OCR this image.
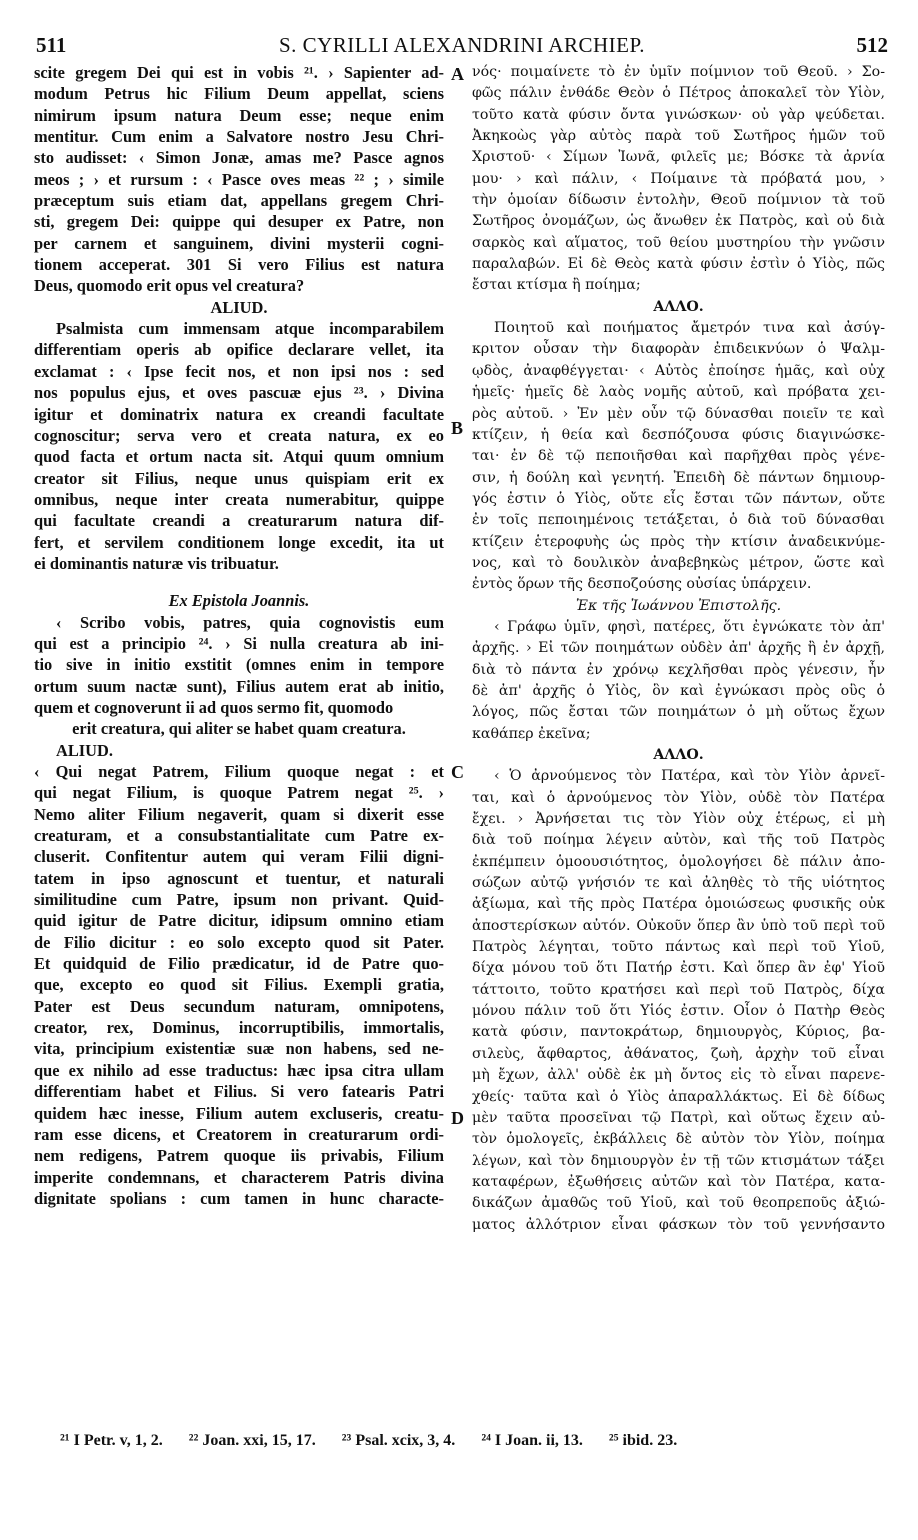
511	S. CYRILLI ALEXANDRINI ARCHIEP.	512
scite gregem Dei qui est in vobis ²¹. › Sapienter ad-
modum Petrus hic Filium Deum appellat, sciens
nimirum ipsum natura Deum esse; neque enim
mentitur. Cum enim a Salvatore nostro Jesu Chri-
sto audisset: ‹ Simon Jonæ, amas me? Pasce agnos
meos ; › et rursum : ‹ Pasce oves meas ²² ; › simile
præceptum suis etiam dat, appellans gregem Chri-
sti, gregem Dei: quippe qui desuper ex Patre, non
per carnem et sanguinem, divini mysterii cogni-
tionem acceperat. 301 Si vero Filius est natura
Deus, quomodo erit opus vel creatura?
ALIUD.
Psalmista cum immensam atque incomparabilem
differentiam operis ab opifice declarare vellet, ita
exclamat : ‹ Ipse fecit nos, et non ipsi nos : sed
nos populus ejus, et oves pascuæ ejus ²³. › Divina
igitur et dominatrix natura ex creandi facultate
cognoscitur; serva vero et creata natura, ex eo
quod facta et ortum nacta sit. Atqui quum omnium
creator sit Filius, neque unus quispiam erit ex
omnibus, neque inter creata numerabitur, quippe
qui facultate creandi a creaturarum natura dif-
fert, et servilem conditionem longe excedit, ita ut
ei dominantis naturæ vis tribuatur.
Ex Epistola Joannis.
‹ Scribo vobis, patres, quia cognovistis eum
qui est a principio ²⁴. › Si nulla creatura ab ini-
tio sive in initio exstitit (omnes enim in tempore
ortum suum nactæ sunt), Filius autem erat ab initio,
quem et cognoverunt ii ad quos sermo fit, quomodo
erit creatura, qui aliter se habet quam creatura.
ALIUD.
‹ Qui negat Patrem, Filium quoque negat : et
qui negat Filium, is quoque Patrem negat ²⁵. ›
Nemo aliter Filium negaverit, quam si dixerit esse
creaturam, et a consubstantialitate cum Patre ex-
cluserit. Confitentur autem qui veram Filii digni-
tatem in ipso agnoscunt et tuentur, et naturali
similitudine cum Patre, ipsum non privant. Quid-
quid igitur de Patre dicitur, idipsum omnino etiam
de Filio dicitur : eo solo excepto quod sit Pater.
Et quidquid de Filio prædicatur, id de Patre quo-
que, excepto eo quod sit Filius. Exempli gratia,
Pater est Deus secundum naturam, omnipotens,
creator, rex, Dominus, incorruptibilis, immortalis,
vita, principium existentiæ suæ non habens, sed ne-
que ex nihilo ad esse traductus: hæc ipsa citra ullam
differentiam habet et Filius. Si vero fatearis Patri
quidem hæc inesse, Filium autem excluseris, creatu-
ram esse dicens, et Creatorem in creaturarum ordi-
nem redigens, Patrem quoque iis privabis, Filium
imperite condemnans, et characterem Patris divina
dignitate spolians : cum tamen in hunc characte-
νός· ποιμαίνετε τὸ ἐν ὑμῖν ποίμνιον τοῦ Θεοῦ. › Σο-
φῶς πάλιν ἐνθάδε Θεὸν ὁ Πέτρος ἀποκαλεῖ τὸν Υἱὸν,
τοῦτο κατὰ φύσιν ὄντα γινώσκων· οὐ γὰρ ψεύδεται.
Ἀκηκοὼς γὰρ αὐτὸς παρὰ τοῦ Σωτῆρος ἡμῶν τοῦ
Χριστοῦ· ‹ Σίμων Ἰωνᾶ, φιλεῖς με; Βόσκε τὰ ἀρνία
μου· › καὶ πάλιν, ‹ Ποίμαινε τὰ πρόβατά μου, ›
τὴν ὁμοίαν δίδωσιν ἐντολὴν, Θεοῦ ποίμνιον τὰ τοῦ
Σωτῆρος ὀνομάζων, ὡς ἄνωθεν ἐκ Πατρὸς, καὶ οὐ διὰ
σαρκὸς καὶ αἵματος, τοῦ θείου μυστηρίου τὴν γνῶσιν
παραλαβών. Εἰ δὲ Θεὸς κατὰ φύσιν ἐστὶν ὁ Υἱὸς, πῶς
ἔσται κτίσμα ἢ ποίημα;
ΑΛΛΟ.
Ποιητοῦ καὶ ποιήματος ἄμετρόν τινα καὶ ἀσύγ-
κριτον οὖσαν τὴν διαφορὰν ἐπιδεικνύων ὁ Ψαλμ-
ῳδὸς, ἀναφθέγγεται· ‹ Αὐτὸς ἐποίησε ἡμᾶς, καὶ οὐχ
ἡμεῖς· ἡμεῖς δὲ λαὸς νομῆς αὐτοῦ, καὶ πρόβατα χει-
ρὸς αὐτοῦ. › Ἐν μὲν οὖν τῷ δύνασθαι ποιεῖν τε καὶ
κτίζειν, ἡ θεία καὶ δεσπόζουσα φύσις διαγινώσκε-
ται· ἐν δὲ τῷ πεποιῆσθαι καὶ παρῆχθαι πρὸς γένε-
σιν, ἡ δούλη καὶ γενητή. Ἐπειδὴ δὲ πάντων δημιουρ-
γός ἐστιν ὁ Υἱὸς, οὔτε εἷς ἔσται τῶν πάντων, οὔτε
ἐν τοῖς πεποιημένοις τετάξεται, ὁ διὰ τοῦ δύνασθαι
κτίζειν ἑτεροφυὴς ὡς πρὸς τὴν κτίσιν ἀναδεικνύμε-
νος, καὶ τὸ δουλικὸν ἀναβεβηκὼς μέτρον, ὥστε καὶ
ἐντὸς ὅρων τῆς δεσποζούσης οὐσίας ὑπάρχειν.
Ἐκ τῆς Ἰωάννου Ἐπιστολῆς.
‹ Γράφω ὑμῖν, φησὶ, πατέρες, ὅτι ἐγνώκατε τὸν ἀπ'
ἀρχῆς. › Εἰ τῶν ποιημάτων οὐδὲν ἀπ' ἀρχῆς ἢ ἐν ἀρχῇ,
διὰ τὸ πάντα ἐν χρόνῳ κεχλῆσθαι πρὸς γένεσιν, ἦν
δὲ ἀπ' ἀρχῆς ὁ Υἱὸς, ὃν καὶ ἐγνώκασι πρὸς οὓς ὁ
λόγος, πῶς ἔσται τῶν ποιημάτων ὁ μὴ οὕτως ἔχων
καθάπερ ἐκεῖνα;
ΑΛΛΟ.
‹ Ὁ ἀρνούμενος τὸν Πατέρα, καὶ τὸν Υἱὸν ἀρνεῖ-
ται, καὶ ὁ ἀρνούμενος τὸν Υἱὸν, οὐδὲ τὸν Πατέρα
ἔχει. › Ἀρνήσεται τις τὸν Υἱὸν οὐχ ἑτέρως, εἰ μὴ
διὰ τοῦ ποίημα λέγειν αὐτὸν, καὶ τῆς τοῦ Πατρὸς
ἐκπέμπειν ὁμοουσιότητος, ὁμολογήσει δὲ πάλιν ἀπο-
σώζων αὐτῷ γνήσιόν τε καὶ ἀληθὲς τὸ τῆς υἱότητος
ἀξίωμα, καὶ τῆς πρὸς Πατέρα ὁμοιώσεως φυσικῆς οὐκ
ἀποστερίσκων αὐτόν. Οὐκοῦν ὅπερ ἂν ὑπὸ τοῦ περὶ τοῦ
Πατρὸς λέγηται, τοῦτο πάντως καὶ περὶ τοῦ Υἱοῦ,
δίχα μόνου τοῦ ὅτι Πατήρ ἐστι. Καὶ ὅπερ ἂν ἐφ' Υἱοῦ
τάττοιτο, τοῦτο κρατήσει καὶ περὶ τοῦ Πατρὸς, δίχα
μόνου πάλιν τοῦ ὅτι Υἱός ἐστιν. Οἷον ὁ Πατὴρ Θεὸς
κατὰ φύσιν, παντοκράτωρ, δημιουργὸς, Κύριος, βα-
σιλεὺς, ἄφθαρτος, ἀθάνατος, ζωὴ, ἀρχὴν τοῦ εἶναι
μὴ ἔχων, ἀλλ' οὐδὲ ἐκ μὴ ὄντος εἰς τὸ εἶναι παρενε-
χθείς· ταῦτα καὶ ὁ Υἱὸς ἀπαραλλάκτως. Εἰ δὲ δίδως
μὲν ταῦτα προσεῖναι τῷ Πατρὶ, καὶ οὕτως ἔχειν αὐ-
τὸν ὁμολογεῖς, ἐκβάλλεις δὲ αὐτὸν τὸν Υἱὸν, ποίημα
λέγων, καὶ τὸν δημιουργὸν ἐν τῇ τῶν κτισμάτων τάξει
καταφέρων, ἐξωθήσεις αὐτῶν καὶ τὸν Πατέρα, κατα-
δικάζων ἀμαθῶς τοῦ Υἱοῦ, καὶ τοῦ θεοπρεποῦς ἀξιώ-
ματος ἀλλότριον εἶναι φάσκων τὸν τοῦ γεννήσαντο
A
B
C
D
²¹ I Petr. v, 1, 2. ²² Joan. xxi, 15, 17. ²³ Psal. xcix, 3, 4. ²⁴ I Joan. ii, 13. ²⁵ ibid. 23.
